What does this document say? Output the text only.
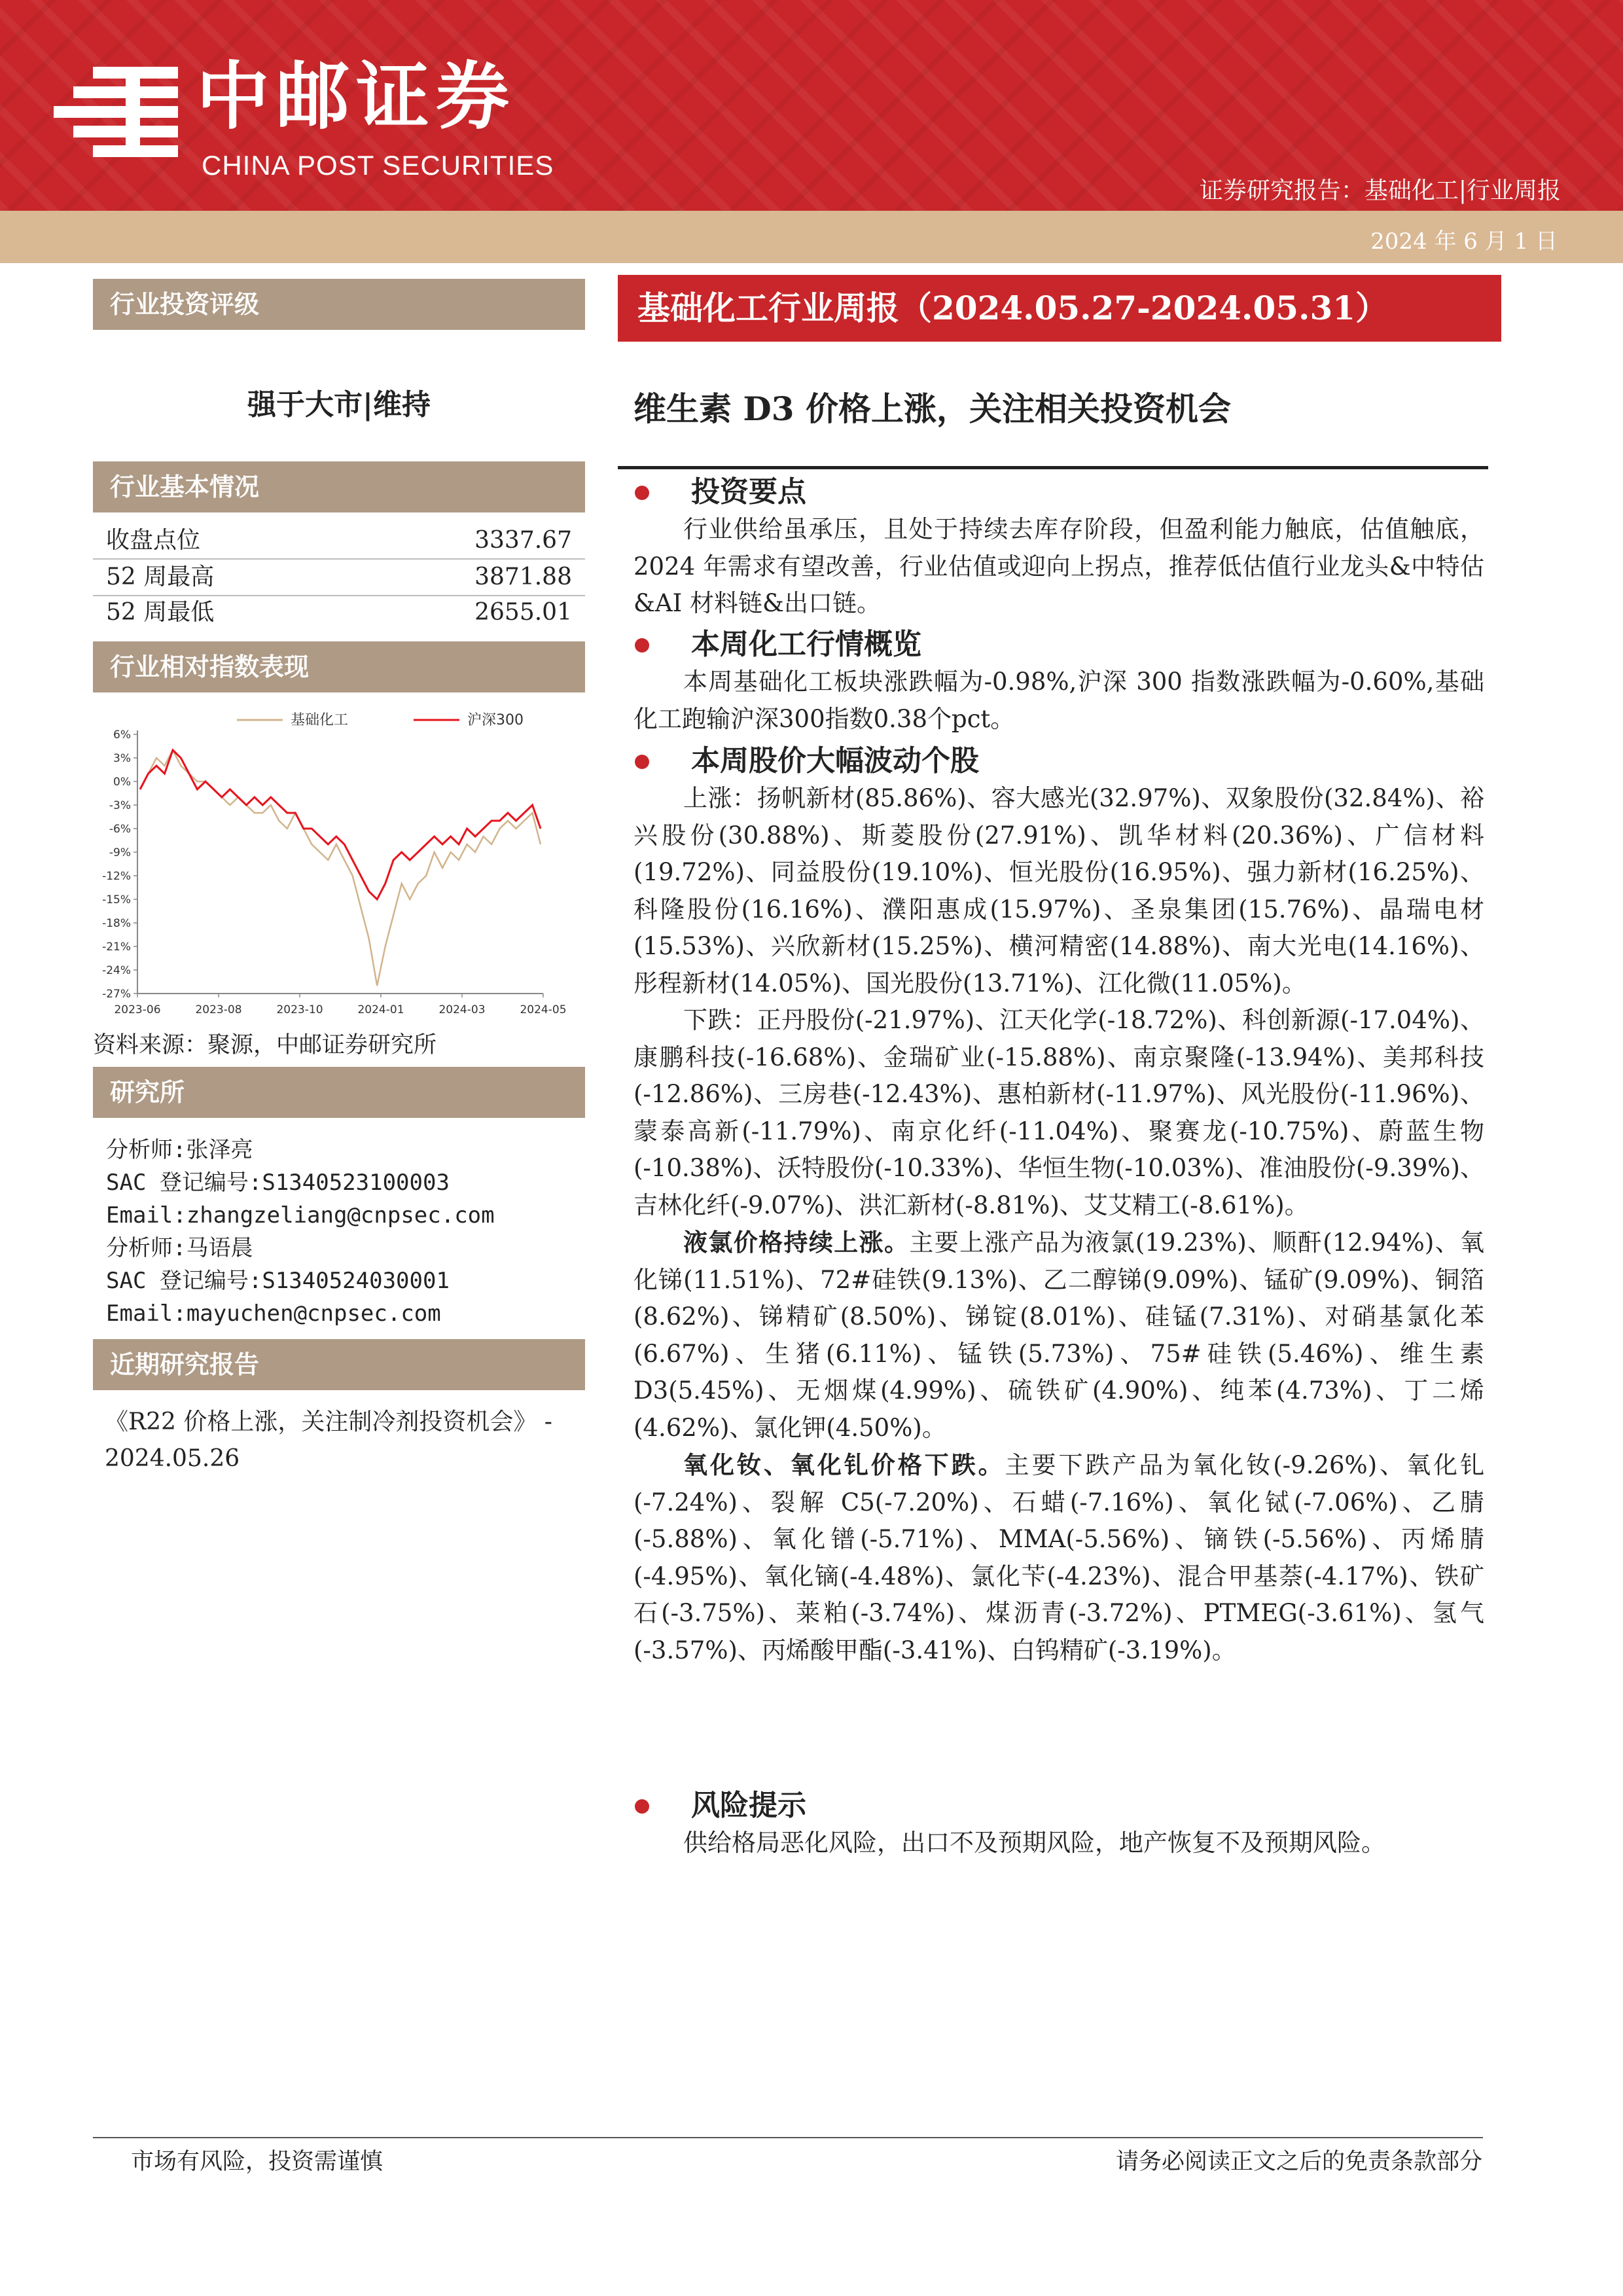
中邮证券
CHINA POST SECURITIES
证券研究报告：基础化工|行业周报
2024 年 6 月 1 日
行业投资评级
强于大市|维持
行业基本情况
收盘点位	3337.67
52 周最高	3871.88
52 周最低	2655.01
行业相对指数表现
6%
3%
0%
-3%
-6%
-9%
-12%
-15%
-18%
-21%
-24%
-27%
2023-06	2023-08	2023-10	2024-01	2024-03	2024-05
基础化工	沪深300
资料来源：聚源，中邮证券研究所
研究所
分析师:张泽亮
SAC 登记编号:S1340523100003
Email:zhangzeliang@cnpsec.com
分析师:马语晨
SAC 登记编号:S1340524030001
Email:mayuchen@cnpsec.com
近期研究报告
《R22 价格上涨，关注制冷剂投资机会》 - 2024.05.26
基础化工行业周报（2024.05.27-2024.05.31）
维生素 D3 价格上涨，关注相关投资机会
投资要点
行业供给虽承压，且处于持续去库存阶段，但盈利能力触底，估值触底，2024 年需求有望改善，行业估值或迎向上拐点，推荐低估值行业龙头&中特估&AI 材料链&出口链。
本周化工行情概览
本周基础化工板块涨跌幅为-0.98%,沪深 300 指数涨跌幅为-0.60%,基础化工跑输沪深300指数0.38个pct。
本周股价大幅波动个股
上涨：扬帆新材(85.86%)、容大感光(32.97%)、双象股份(32.84%)、裕兴股份(30.88%)、斯菱股份(27.91%)、凯华材料(20.36%)、广信材料(19.72%)、同益股份(19.10%)、恒光股份(16.95%)、强力新材(16.25%)、科隆股份(16.16%)、濮阳惠成(15.97%)、圣泉集团(15.76%)、晶瑞电材(15.53%)、兴欣新材(15.25%)、横河精密(14.88%)、南大光电(14.16%)、彤程新材(14.05%)、国光股份(13.71%)、江化微(11.05%)。
下跌：正丹股份(-21.97%)、江天化学(-18.72%)、科创新源(-17.04%)、康鹏科技(-16.68%)、金瑞矿业(-15.88%)、南京聚隆(-13.94%)、美邦科技(-12.86%)、三房巷(-12.43%)、惠柏新材(-11.97%)、风光股份(-11.96%)、蒙泰高新(-11.79%)、南京化纤(-11.04%)、聚赛龙(-10.75%)、蔚蓝生物(-10.38%)、沃特股份(-10.33%)、华恒生物(-10.03%)、准油股份(-9.39%)、吉林化纤(-9.07%)、洪汇新材(-8.81%)、艾艾精工(-8.61%)。
液氯价格持续上涨。主要上涨产品为液氯(19.23%)、顺酐(12.94%)、氧化锑(11.51%)、72#硅铁(9.13%)、乙二醇锑(9.09%)、锰矿(9.09%)、铜箔(8.62%)、锑精矿(8.50%)、锑锭(8.01%)、硅锰(7.31%)、对硝基氯化苯(6.67%)、生猪(6.11%)、锰铁(5.73%)、75#硅铁(5.46%)、维生素 D3(5.45%)、无烟煤(4.99%)、硫铁矿(4.90%)、纯苯(4.73%)、丁二烯(4.62%)、氯化钾(4.50%)。
氧化钕、氧化钆价格下跌。主要下跌产品为氧化钕(-9.26%)、氧化钆(-7.24%)、裂解 C5(-7.20%)、石蜡(-7.16%)、氧化铽(-7.06%)、乙腈(-5.88%)、氧化镨(-5.71%)、MMA(-5.56%)、镝铁(-5.56%)、丙烯腈(-4.95%)、氧化镝(-4.48%)、氯化苄(-4.23%)、混合甲基萘(-4.17%)、铁矿石(-3.75%)、莱粕(-3.74%)、煤沥青(-3.72%)、PTMEG(-3.61%)、氢气(-3.57%)、丙烯酸甲酯(-3.41%)、白钨精矿(-3.19%)。
风险提示
供给格局恶化风险，出口不及预期风险，地产恢复不及预期风险。
市场有风险，投资需谨慎	请务必阅读正文之后的免责条款部分
